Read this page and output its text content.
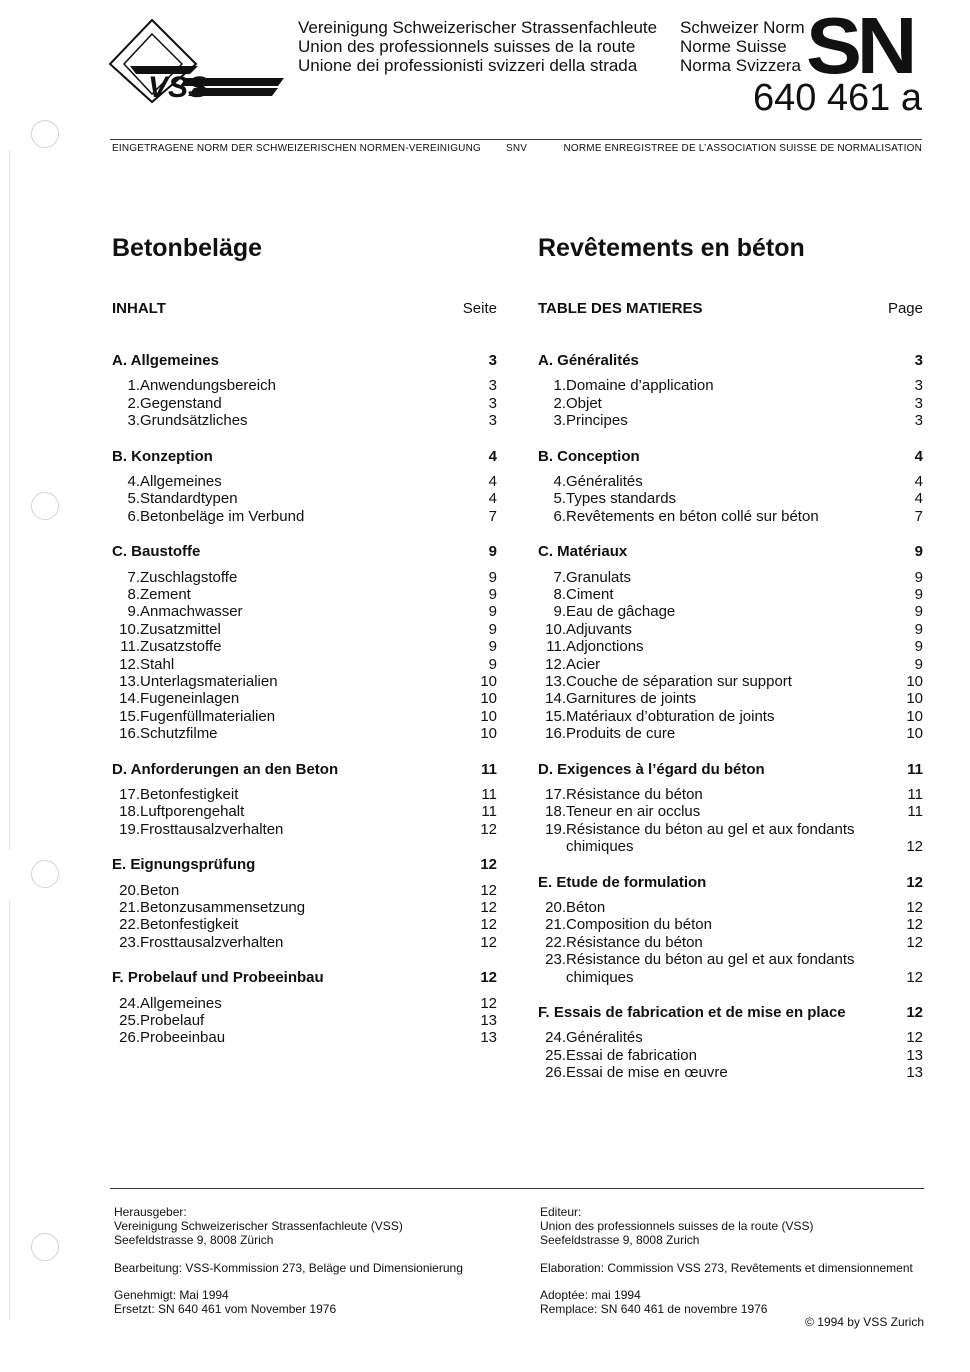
VSS
Vereinigung Schweizerischer Strassenfachleute
Union des professionnels suisses de la route
Unione dei professionisti svizzeri della strada
Schweizer Norm
Norme Suisse
Norma Svizzera SN
640 461 a
EINGETRAGENE NORM DER SCHWEIZERISCHEN NORMEN-VEREINIGUNG SNV	NORME ENREGISTREE DE L’ASSOCIATION SUISSE DE NORMALISATION
Betonbeläge	Revêtements en béton
INHALT	Seite
A. Allgemeines	3
1. Anwendungsbereich	3
2. Gegenstand	3
3. Grundsätzliches	3
B. Konzeption	4
4. Allgemeines	4
5. Standardtypen	4
6. Betonbeläge im Verbund	7
C. Baustoffe	9
7. Zuschlagstoffe	9
8. Zement	9
9. Anmachwasser	9
10. Zusatzmittel	9
11. Zusatzstoffe	9
12. Stahl	9
13. Unterlagsmaterialien	10
14. Fugeneinlagen	10
15. Fugenfüllmaterialien	10
16. Schutzfilme	10
D. Anforderungen an den Beton	11
17. Betonfestigkeit	11
18. Luftporengehalt	11
19. Frosttausalzverhalten	12
E. Eignungsprüfung	12
20. Beton	12
21. Betonzusammensetzung	12
22. Betonfestigkeit	12
23. Frosttausalzverhalten	12
F. Probelauf und Probeeinbau	12
24. Allgemeines	12
25. Probelauf	13
26. Probeeinbau	13
TABLE DES MATIERES	Page
A. Généralités	3
1. Domaine d’application	3
2. Objet	3
3. Principes	3
B. Conception	4
4. Généralités	4
5. Types standards	4
6. Revêtements en béton collé sur béton	7
C. Matériaux	9
7. Granulats	9
8. Ciment	9
9. Eau de gâchage	9
10. Adjuvants	9
11. Adjonctions	9
12. Acier	9
13. Couche de séparation sur support	10
14. Garnitures de joints	10
15. Matériaux d’obturation de joints	10
16. Produits de cure	10
D. Exigences à l’égard du béton	11
17. Résistance du béton	11
18. Teneur en air occlus	11
19. Résistance du béton au gel et aux fondants
chimiques	12
E. Etude de formulation	12
20. Béton	12
21. Composition du béton	12
22. Résistance du béton	12
23. Résistance du béton au gel et aux fondants
chimiques	12
F. Essais de fabrication et de mise en place	12
24. Généralités	12
25. Essai de fabrication	13
26. Essai de mise en œuvre	13
Herausgeber:
Vereinigung Schweizerischer Strassenfachleute (VSS)
Seefeldstrasse 9, 8008 Zürich
Bearbeitung: VSS-Kommission 273, Beläge und Dimensionierung
Genehmigt: Mai 1994
Ersetzt: SN 640 461 vom November 1976
Editeur:
Union des professionnels suisses de la route (VSS)
Seefeldstrasse 9, 8008 Zurich
Elaboration: Commission VSS 273, Revêtements et dimensionnement
Adoptée: mai 1994
Remplace: SN 640 461 de novembre 1976
© 1994 by VSS Zurich
